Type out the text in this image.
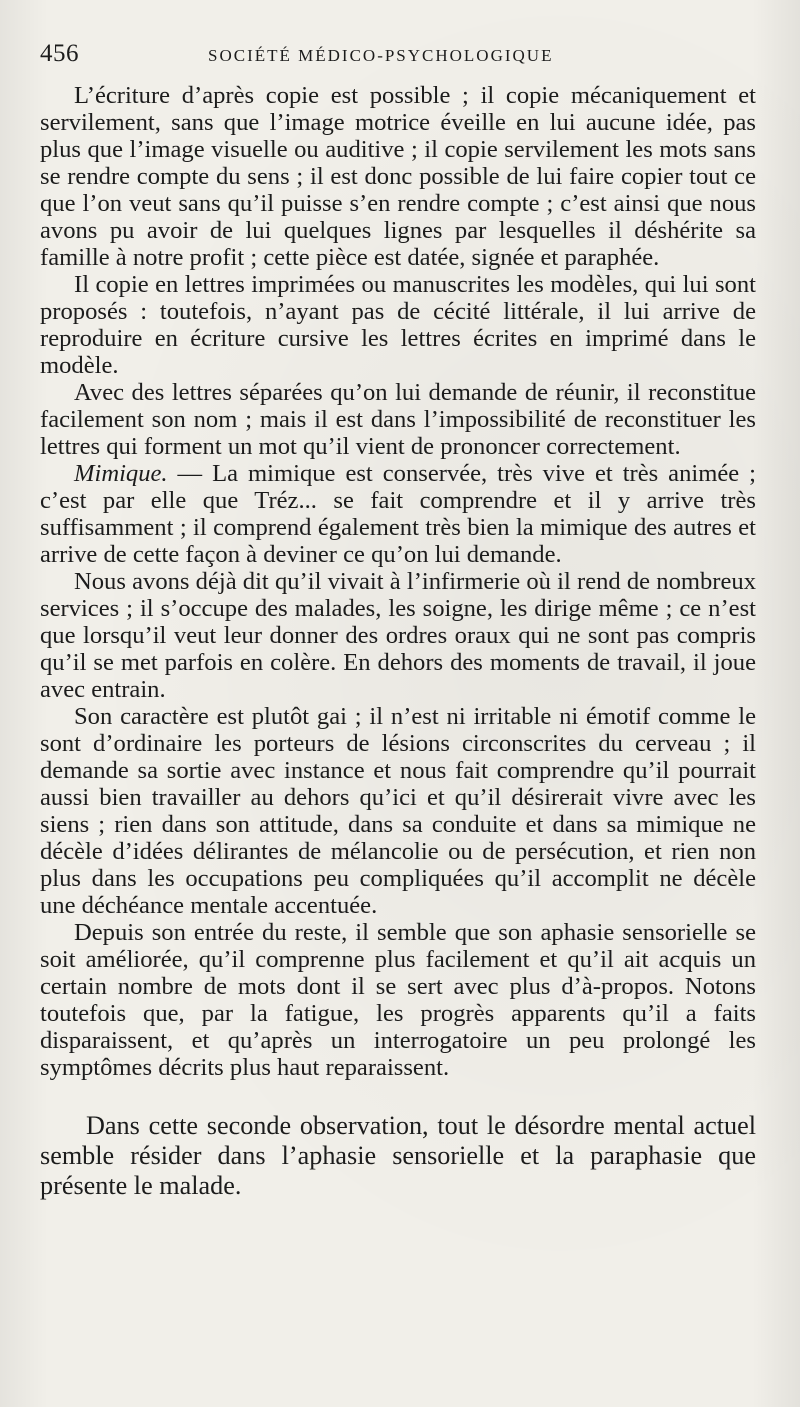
456	SOCIÉTÉ MÉDICO-PSYCHOLOGIQUE

L’écriture d’après copie est possible ; il copie mécaniquement et servilement, sans que l’image motrice éveille en lui aucune idée, pas plus que l’image visuelle ou auditive ; il copie servilement les mots sans se rendre compte du sens ; il est donc possible de lui faire copier tout ce que l’on veut sans qu’il puisse s’en rendre compte ; c’est ainsi que nous avons pu avoir de lui quelques lignes par lesquelles il déshérite sa famille à notre profit ; cette pièce est datée, signée et paraphée.

Il copie en lettres imprimées ou manuscrites les modèles, qui lui sont proposés : toutefois, n’ayant pas de cécité littérale, il lui arrive de reproduire en écriture cursive les lettres écrites en imprimé dans le modèle.

Avec des lettres séparées qu’on lui demande de réunir, il reconstitue facilement son nom ; mais il est dans l’impossibilité de reconstituer les lettres qui forment un mot qu’il vient de prononcer correctement.

Mimique. — La mimique est conservée, très vive et très animée ; c’est par elle que Tréz... se fait comprendre et il y arrive très suffisamment ; il comprend également très bien la mimique des autres et arrive de cette façon à deviner ce qu’on lui demande.

Nous avons déjà dit qu’il vivait à l’infirmerie où il rend de nombreux services ; il s’occupe des malades, les soigne, les dirige même ; ce n’est que lorsqu’il veut leur donner des ordres oraux qui ne sont pas compris qu’il se met parfois en colère. En dehors des moments de travail, il joue avec entrain.

Son caractère est plutôt gai ; il n’est ni irritable ni émotif comme le sont d’ordinaire les porteurs de lésions circonscrites du cerveau ; il demande sa sortie avec instance et nous fait comprendre qu’il pourrait aussi bien travailler au dehors qu’ici et qu’il désirerait vivre avec les siens ; rien dans son attitude, dans sa conduite et dans sa mimique ne décèle d’idées délirantes de mélancolie ou de persécution, et rien non plus dans les occupations peu compliquées qu’il accomplit ne décèle une déchéance mentale accentuée.

Depuis son entrée du reste, il semble que son aphasie sensorielle se soit améliorée, qu’il comprenne plus facilement et qu’il ait acquis un certain nombre de mots dont il se sert avec plus d’à-propos. Notons toutefois que, par la fatigue, les progrès apparents qu’il a faits disparaissent, et qu’après un interrogatoire un peu prolongé les symptômes décrits plus haut reparaissent.

Dans cette seconde observation, tout le désordre mental actuel semble résider dans l’aphasie sensorielle et la paraphasie que présente le malade.
